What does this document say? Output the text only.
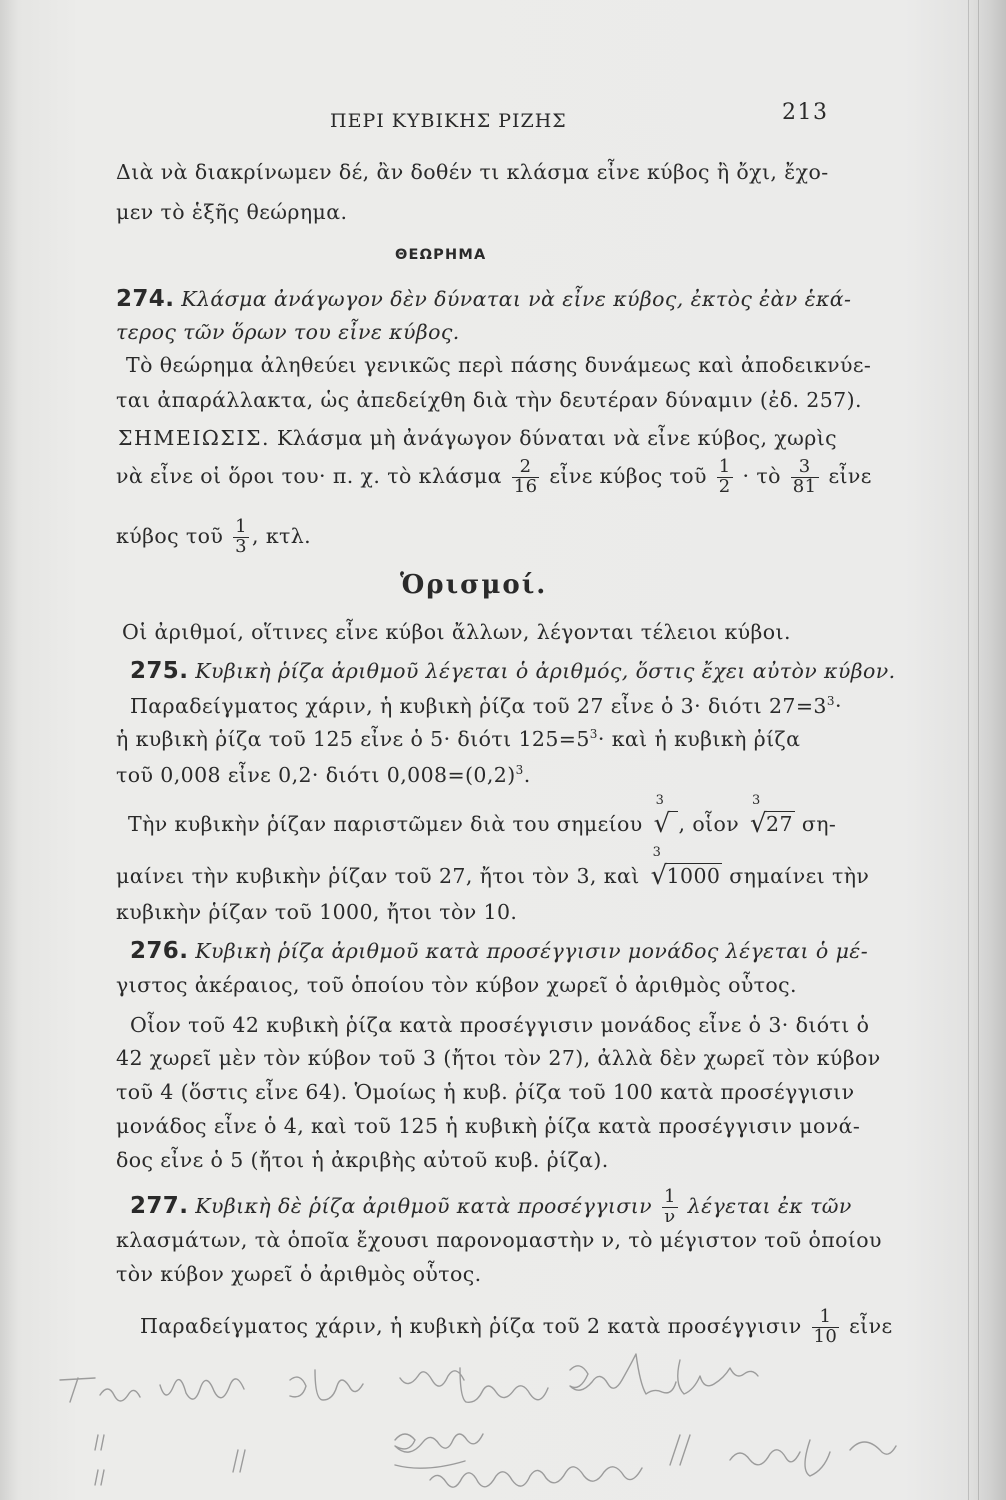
ΠΕΡΙ ΚΥΒΙΚΗΣ ΡΙΖΗΣ	213
Διὰ νὰ διακρίνωμεν δέ, ἂν δοθέν τι κλάσμα εἶνε κύβος ἢ ὄχι, ἔχο-
μεν τὸ ἑξῆς θεώρημα.
ΘΕΩΡΗΜΑ
274. Κλάσμα ἀνάγωγον δὲν δύναται νὰ εἶνε κύβος, ἐκτὸς ἐὰν ἑκά-
τερος τῶν ὅρων του εἶνε κύβος.
Τὸ θεώρημα ἀληθεύει γενικῶς περὶ πάσης δυνάμεως καὶ ἀποδεικνύε-
ται ἀπαράλλακτα, ὡς ἀπεδείχθη διὰ τὴν δευτέραν δύναμιν (ἐδ. 257).
ΣΗΜΕΙΩΣΙΣ. Κλάσμα μὴ ἀνάγωγον δύναται νὰ εἶνε κύβος, χωρὶς
νὰ εἶνε οἱ ὅροι του· π. χ. τὸ κλάσμα $\frac{2}{16}$ εἶνε κύβος τοῦ $\frac{1}{2}$ · τὸ $\frac{3}{81}$ εἶνε
κύβος τοῦ $\frac{1}{3}$ , κτλ.
Ὁρισμοί.
Οἱ ἀριθμοί, οἵτινες εἶνε κύβοι ἄλλων, λέγονται τέλειοι κύβοι.
275. Κυβικὴ ῥίζα ἀριθμοῦ λέγεται ὁ ἀριθμός, ὅστις ἔχει αὐτὸν κύβον.
Παραδείγματος χάριν, ἡ κυβικὴ ῥίζα τοῦ 27 εἶνε ὁ 3· διότι $27=3^3\cdot$
ἡ κυβικὴ ῥίζα τοῦ 125 εἶνε ὁ 5· διότι $125=5^3\cdot$ καὶ ἡ κυβικὴ ῥίζα
τοῦ 0,008 εἶνε 0,2· διότι $0,008=(0,2)^3$.
Τὴν κυβικὴν ῥίζαν παριστῶμεν διὰ του σημείου
3
√ , οἷον
3
√ 27 ση-
μαίνει τὴν κυβικὴν ῥίζαν τοῦ 27, ἤτοι τὸν 3, καὶ
3
√ 1000 σημαίνει τὴν
κυβικὴν ῥίζαν τοῦ 1000, ἤτοι τὸν 10.
276. Κυβικὴ ῥίζα ἀριθμοῦ κατὰ προσέγγισιν μονάδος λέγεται ὁ μέ-
γιστος ἀκέραιος, τοῦ ὁποίου τὸν κύβον χωρεῖ ὁ ἀριθμὸς οὗτος.
Οἷον τοῦ 42 κυβικὴ ῥίζα κατὰ προσέγγισιν μονάδος εἶνε ὁ 3· διότι ὁ
42 χωρεῖ μὲν τὸν κύβον τοῦ 3 (ἤτοι τὸν 27), ἀλλὰ δὲν χωρεῖ τὸν κύβον
τοῦ 4 (ὅστις εἶνε 64). Ὁμοίως ἡ κυβ. ῥίζα τοῦ 100 κατὰ προσέγγισιν
μονάδος εἶνε ὁ 4, καὶ τοῦ 125 ἡ κυβικὴ ῥίζα κατὰ προσέγγισιν μονά-
δος εἶνε ὁ 5 (ἤτοι ἡ ἀκριβὴς αὐτοῦ κυβ. ῥίζα).
277. Κυβικὴ δὲ ῥίζα ἀριθμοῦ κατὰ προσέγγισιν $\frac{1}{\nu}$ λέγεται ἐκ τῶν
κλασμάτων, τὰ ὁποῖα ἔχουσι παρονομαστὴν ν, τὸ μέγιστον τοῦ ὁποίου
τὸν κύβον χωρεῖ ὁ ἀριθμὸς οὗτος.
Παραδείγματος χάριν, ἡ κυβικὴ ῥίζα τοῦ 2 κατὰ προσέγγισιν $\frac{1}{10}$ εἶνε
